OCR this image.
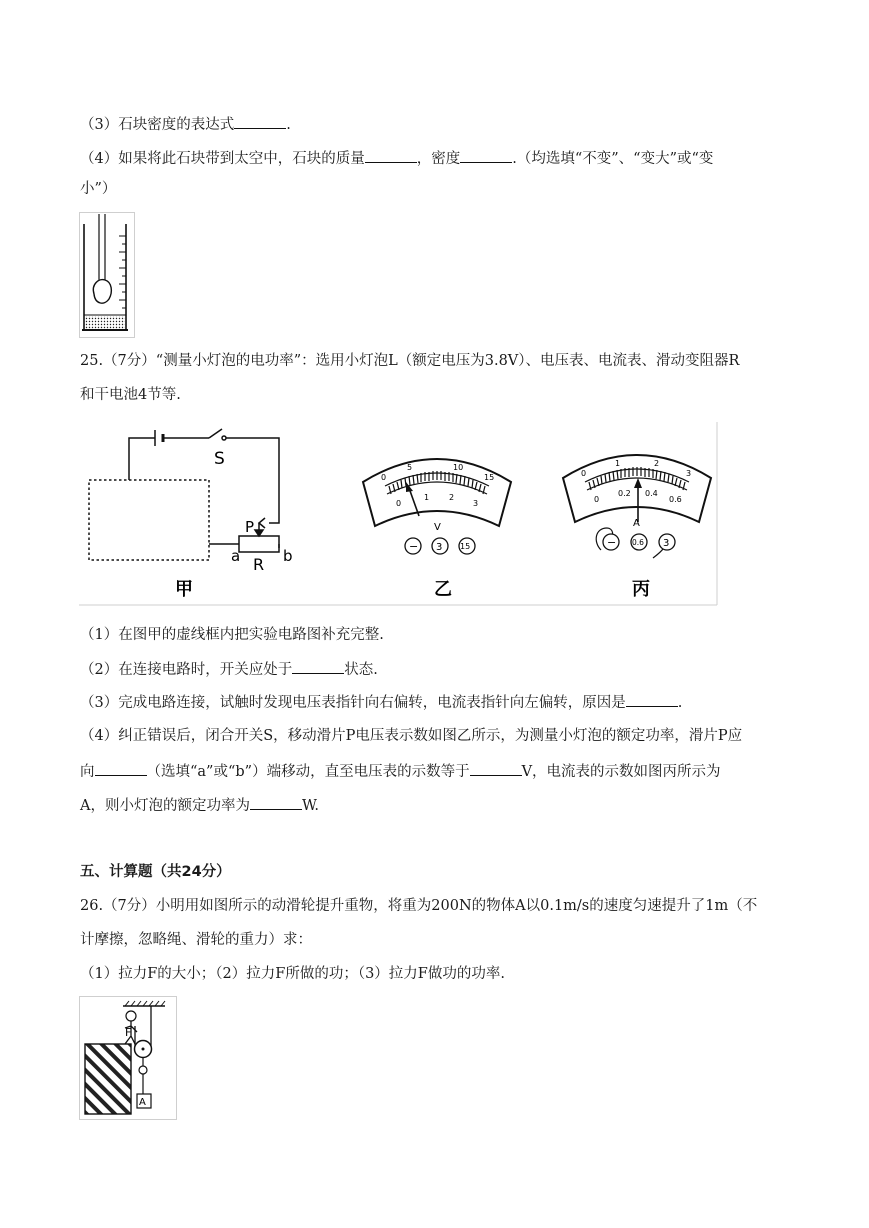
（3）石块密度的表达式	.
（4）如果将此石块带到太空中，石块的质量	，密度	.（均选填“不变”、“变大”或“变
小”）
25.（7分）“测量小灯泡的电功率”：选用小灯泡L（额定电压为3.8V）、电压表、电流表、滑动变阻器R
和干电池4节等.
S
P
a R b
甲
0
5	10
15
0
1 2
3
V
− 3 15
乙
0
1	2
3
0
0.2 0.4
0.6
A
− 0.6 3
丙
（1）在图甲的虚线框内把实验电路图补充完整.
（2）在连接电路时，开关应处于	状态.
（3）完成电路连接，试触时发现电压表指针向右偏转，电流表指针向左偏转，原因是	.
（4）纠正错误后，闭合开关S，移动滑片P电压表示数如图乙所示，为测量小灯泡的额定功率，滑片P应
向	（选填“a”或“b”）端移动，直至电压表的示数等于	V，电流表的示数如图丙所示为
A，则小灯泡的额定功率为	W.
五、计算题（共24分）
26.（7分）小明用如图所示的动滑轮提升重物，将重为200N的物体A以0.1m/s的速度匀速提升了1m（不
计摩擦，忽略绳、滑轮的重力）求：
（1）拉力F的大小；（2）拉力F所做的功；（3）拉力F做功的功率.
F
A
